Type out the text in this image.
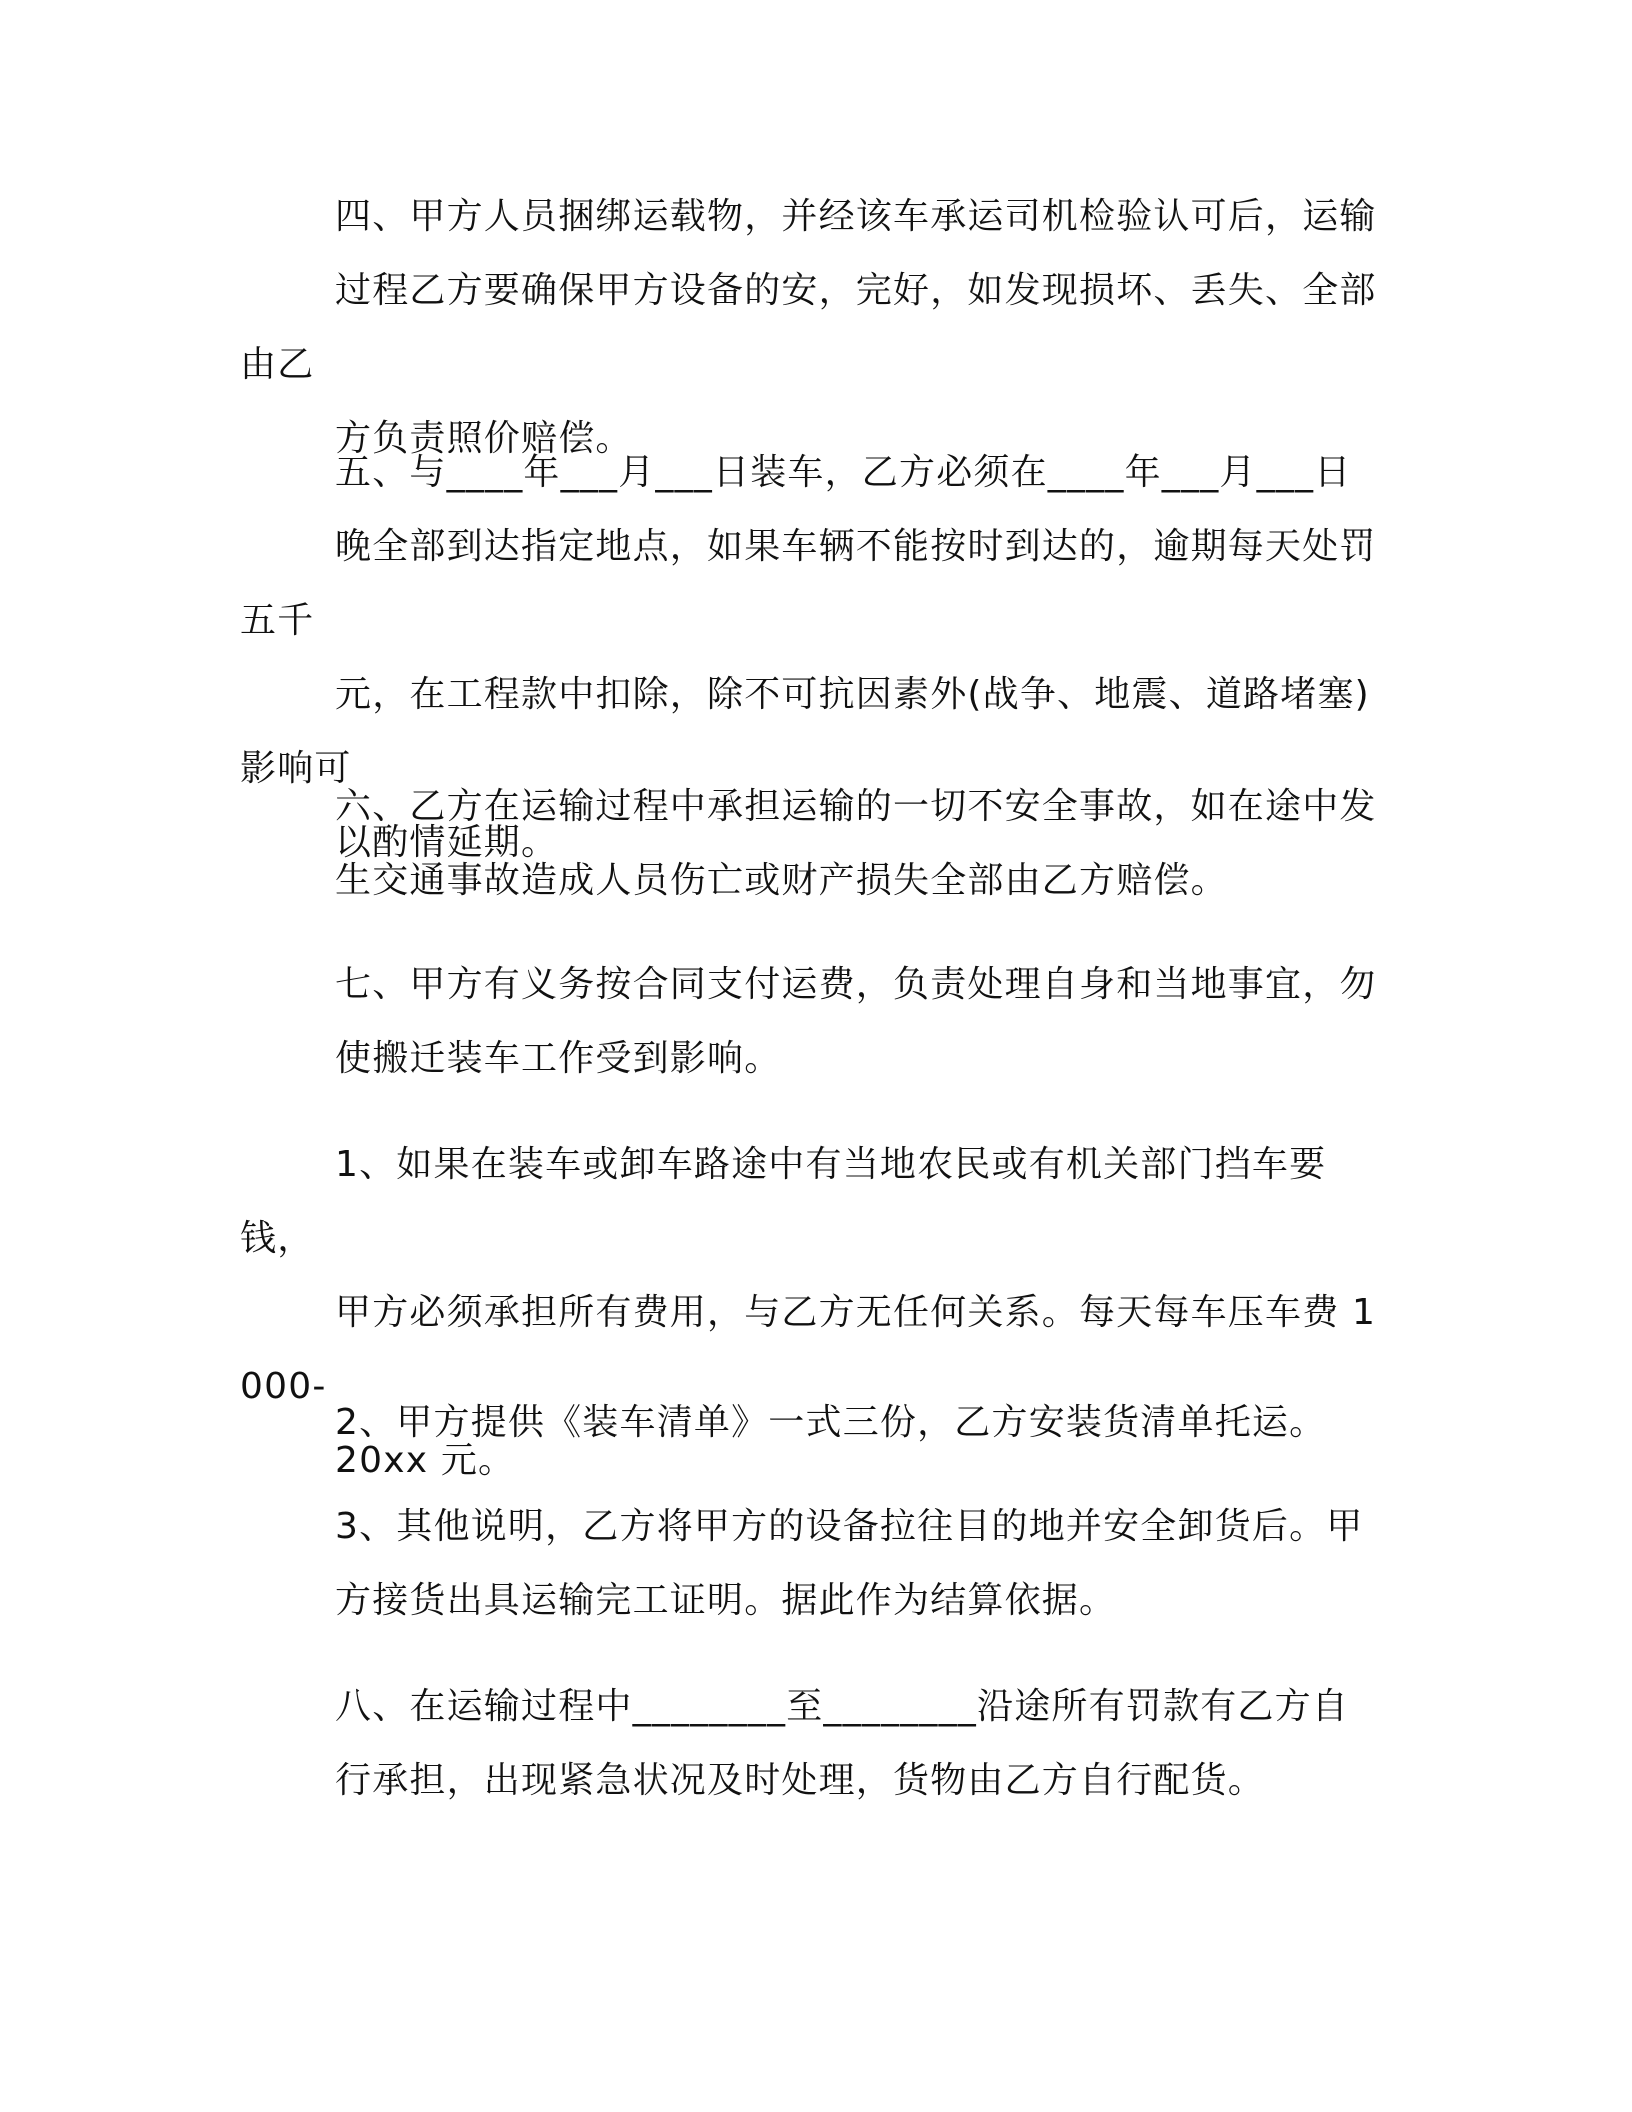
四、甲方人员捆绑运载物，并经该车承运司机检验认可后，运输
过程乙方要确保甲方设备的安，完好，如发现损坏、丢失、全部由乙
方负责照价赔偿。

五、与____年___月___日装车，乙方必须在____年___月___日
晚全部到达指定地点，如果车辆不能按时到达的，逾期每天处罚五千
元，在工程款中扣除，除不可抗因素外(战争、地震、道路堵塞)影响可
以酌情延期。

六、乙方在运输过程中承担运输的一切不安全事故，如在途中发
生交通事故造成人员伤亡或财产损失全部由乙方赔偿。

七、甲方有义务按合同支付运费，负责处理自身和当地事宜，勿
使搬迁装车工作受到影响。

1、如果在装车或卸车路途中有当地农民或有机关部门挡车要钱，
甲方必须承担所有费用，与乙方无任何关系。每天每车压车费 1000-
20xx 元。

2、甲方提供《装车清单》一式三份，乙方安装货清单托运。

3、其他说明，乙方将甲方的设备拉往目的地并安全卸货后。甲
方接货出具运输完工证明。据此作为结算依据。

八、在运输过程中________至________沿途所有罚款有乙方自
行承担，出现紧急状况及时处理，货物由乙方自行配货。
